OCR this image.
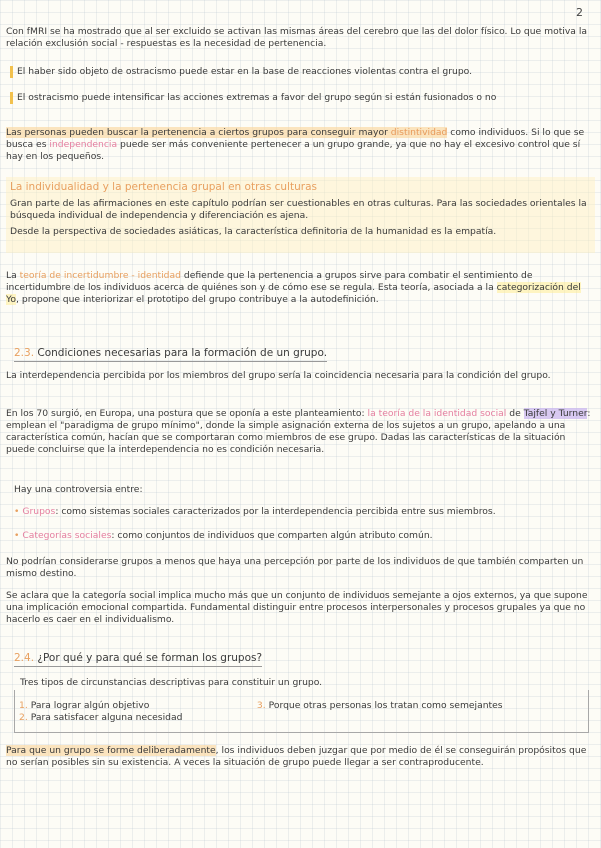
2
Con fMRI se ha mostrado que al ser excluido se activan las mismas áreas del cerebro que las del dolor físico. Lo que motiva la relación exclusión social - respuestas es la necesidad de pertenencia.
El haber sido objeto de ostracismo puede estar en la base de reacciones violentas contra el grupo.
El ostracismo puede intensificar las acciones extremas a favor del grupo según si están fusionados o no
Las personas pueden buscar la pertenencia a ciertos grupos para conseguir mayor distintividad como individuos. Si lo que se busca es independencia puede ser más conveniente pertenecer a un grupo grande, ya que no hay el excesivo control que sí hay en los pequeños.
La individualidad y la pertenencia grupal en otras culturas
Gran parte de las afirmaciones en este capítulo podrían ser cuestionables en otras culturas. Para las sociedades orientales la búsqueda individual de independencia y diferenciación es ajena.
Desde la perspectiva de sociedades asiáticas, la característica definitoria de la humanidad es la empatía.
La teoría de incertidumbre - identidad defiende que la pertenencia a grupos sirve para combatir el sentimiento de incertidumbre de los individuos acerca de quiénes son y de cómo ese se regula. Esta teoría, asociada a la categorización del Yo, propone que interiorizar el prototipo del grupo contribuye a la autodefinición.
2.3. Condiciones necesarias para la formación de un grupo.
La interdependencia percibida por los miembros del grupo sería la coincidencia necesaria para la condición del grupo.
En los 70 surgió, en Europa, una postura que se oponía a este planteamiento: la teoría de la identidad social de Tajfel y Turner: emplean el "paradigma de grupo mínimo", donde la simple asignación externa de los sujetos a un grupo, apelando a una característica común, hacían que se comportaran como miembros de ese grupo. Dadas las características de la situación puede concluirse que la interdependencia no es condición necesaria.
Hay una controversia entre:
• Grupos: como sistemas sociales caracterizados por la interdependencia percibida entre sus miembros.
• Categorías sociales: como conjuntos de individuos que comparten algún atributo común.
No podrían considerarse grupos a menos que haya una percepción por parte de los individuos de que también comparten un mismo destino.
Se aclara que la categoría social implica mucho más que un conjunto de individuos semejante a ojos externos, ya que supone una implicación emocional compartida. Fundamental distinguir entre procesos interpersonales y procesos grupales ya que no hacerlo es caer en el individualismo.
2.4. ¿Por qué y para qué se forman los grupos?
Tres tipos de circunstancias descriptivas para constituir un grupo.
1. Para lograr algún objetivo
2. Para satisfacer alguna necesidad
3. Porque otras personas los tratan como semejantes
Para que un grupo se forme deliberadamente, los individuos deben juzgar que por medio de él se conseguirán propósitos que no serían posibles sin su existencia. A veces la situación de grupo puede llegar a ser contraproducente.
